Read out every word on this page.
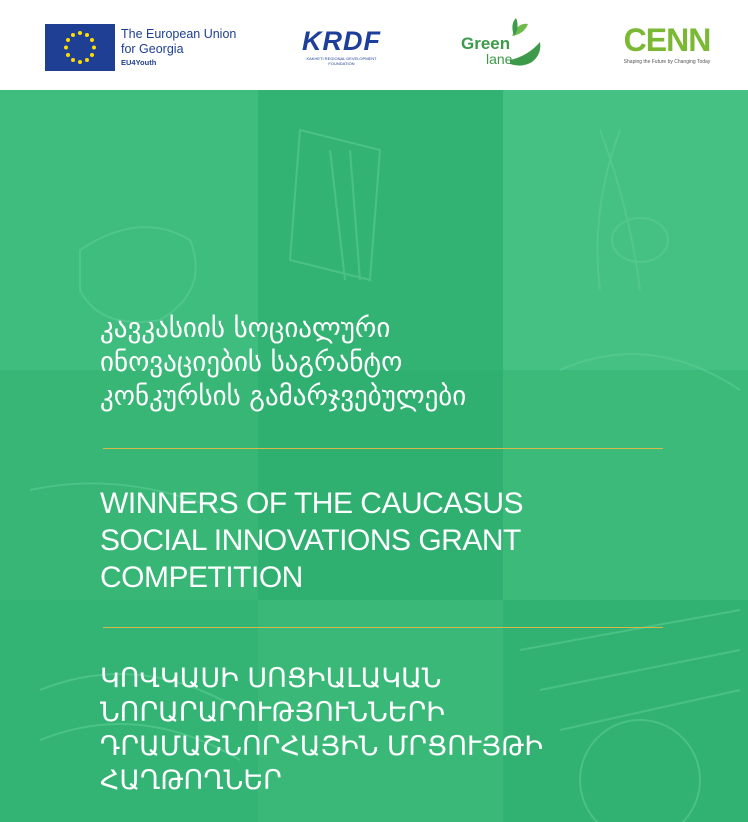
The European Union
for Georgia
EU4Youth
KRDF
KAKHETI REGIONAL DEVELOPMENT FOUNDATION
Green
lane
CENN
Shaping the Future by Changing Today
კავკასიის სოციალური
ინოვაციების საგრანტო
კონკურსის გამარჯვებულები
WINNERS OF THE CAUCASUS
SOCIAL INNOVATIONS GRANT
COMPETITION
ԿՈՎԿԱՍԻ ՍՈՑԻԱԼԱԿԱՆ
ՆՈՐԱՐԱՐՈՒԹՅՈՒՆՆԵՐԻ
ԴՐԱՄԱՇՆՈՐՀԱՅԻՆ ՄՐՑՈՒՅԹԻ
ՀԱՂԹՈՂՆԵՐ
